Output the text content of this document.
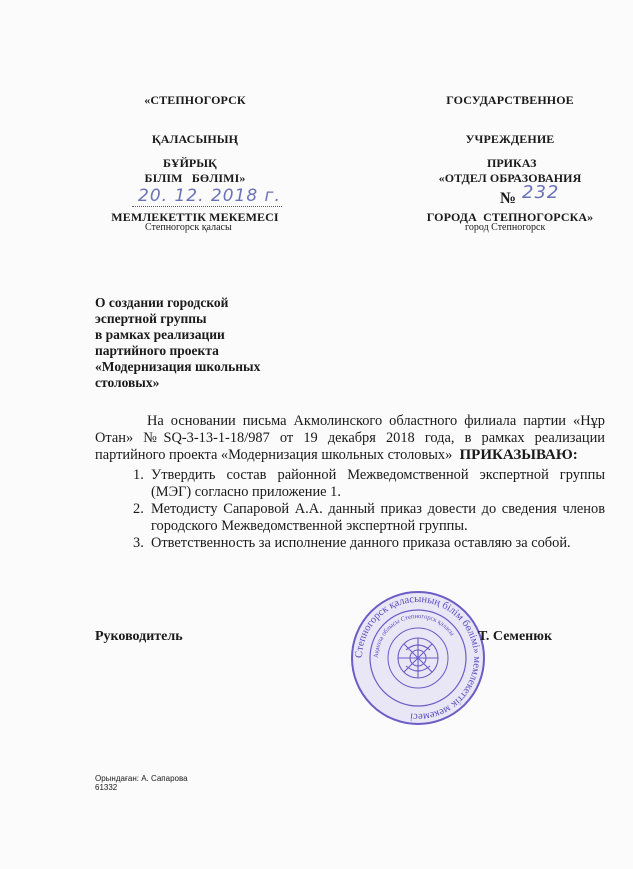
«СТЕПНОГОРСК

ҚАЛАСЫНЫҢ

БІЛІМ   БӨЛІМІ»

МЕМЛЕКЕТТІК МЕКЕМЕСІ

ГОСУДАРСТВЕННОЕ

УЧРЕЖДЕНИЕ

«ОТДЕЛ ОБРАЗОВАНИЯ

ГОРОДА  СТЕПНОГОРСКА»

БҰЙРЫҚ	ПРИКАЗ
20. 12. 2018 г.	№ 232
Степногорск қаласы	город Степногорск
О создании городской
эспертной группы
в рамках реализации
партийного проекта
«Модернизация школьных
столовых»
На основании письма Акмолинского областного филиала партии «Нұр Отан» №SQ-3-13-1-18/987 от 19 декабря 2018 года, в рамках реализации партийного проекта «Модернизация школьных столовых» ПРИКАЗЫВАЮ:
1. Утвердить состав районной Межведомственной экспертной группы (МЭГ) согласно приложение 1.
2. Методисту Сапаровой А.А. данный приказ довести до сведения членов городского Межведомственной экспертной группы.
3. Ответственность за исполнение данного приказа оставляю за собой.
Степногорск қаласының білім бөлімі» мемлекеттік мекемесі
Ақмола облысы Степногорск қаласы
Руководитель	Т. Семенюк
Орындаған: А. Сапарова
61332
